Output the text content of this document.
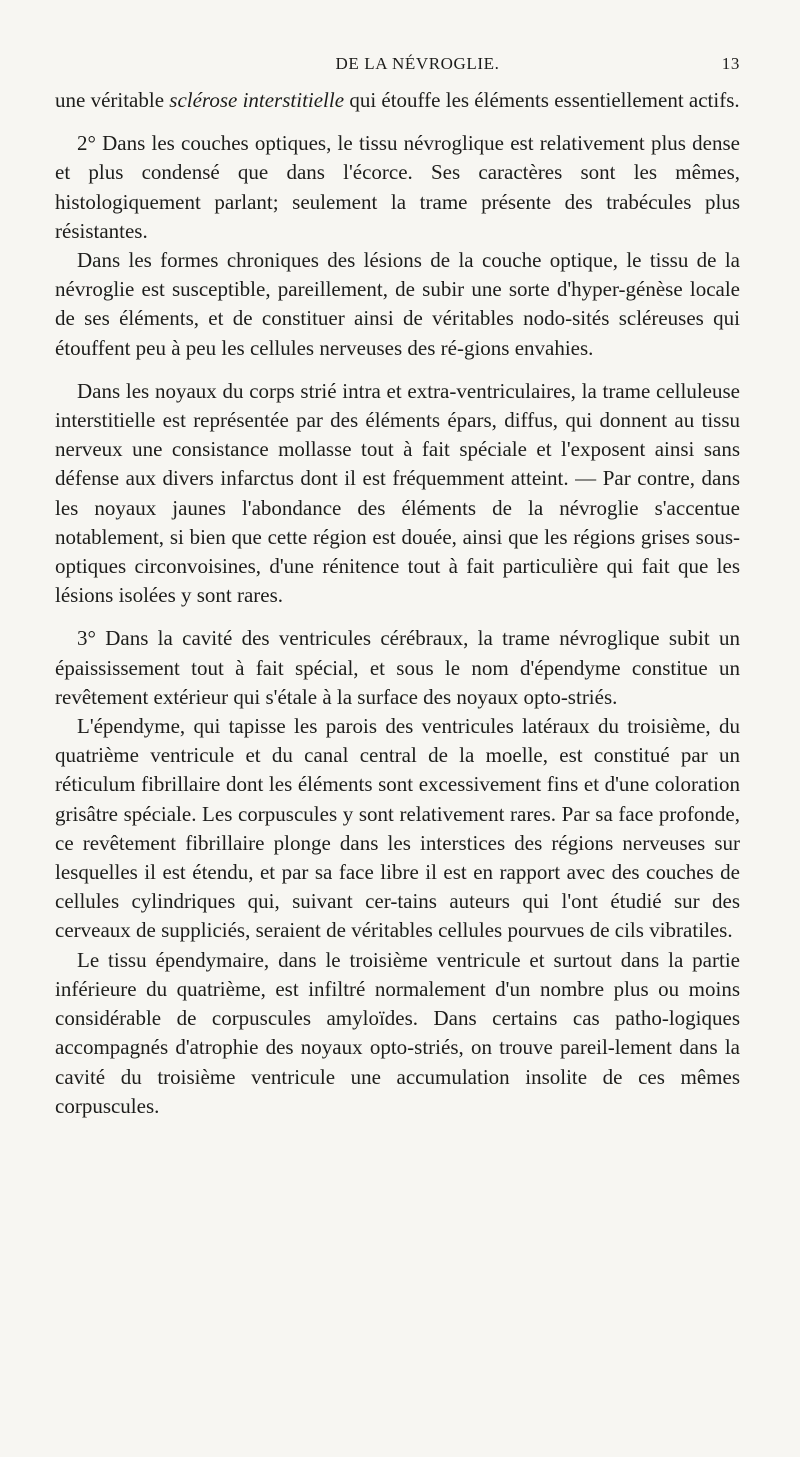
DE LA NÉVROGLIE.	13

une véritable sclérose interstitielle qui étouffe les éléments essentiellement actifs.

2° Dans les couches optiques, le tissu névroglique est relativement plus dense et plus condensé que dans l'écorce. Ses caractères sont les mêmes, histologiquement parlant; seulement la trame présente des trabécules plus résistantes.

Dans les formes chroniques des lésions de la couche optique, le tissu de la névroglie est susceptible, pareillement, de subir une sorte d'hyper-génèse locale de ses éléments, et de constituer ainsi de véritables nodo-sités scléreuses qui étouffent peu à peu les cellules nerveuses des ré-gions envahies.

Dans les noyaux du corps strié intra et extra-ventriculaires, la trame celluleuse interstitielle est représentée par des éléments épars, diffus, qui donnent au tissu nerveux une consistance mollasse tout à fait spéciale et l'exposent ainsi sans défense aux divers infarctus dont il est fréquemment atteint. — Par contre, dans les noyaux jaunes l'abondance des éléments de la névroglie s'accentue notablement, si bien que cette région est douée, ainsi que les régions grises sous-optiques circonvoisines, d'une rénitence tout à fait particulière qui fait que les lésions isolées y sont rares.

3° Dans la cavité des ventricules cérébraux, la trame névroglique subit un épaississement tout à fait spécial, et sous le nom d'épendyme constitue un revêtement extérieur qui s'étale à la surface des noyaux opto-striés.

L'épendyme, qui tapisse les parois des ventricules latéraux du troisième, du quatrième ventricule et du canal central de la moelle, est constitué par un réticulum fibrillaire dont les éléments sont excessivement fins et d'une coloration grisâtre spéciale. Les corpuscules y sont relativement rares. Par sa face profonde, ce revêtement fibrillaire plonge dans les interstices des régions nerveuses sur lesquelles il est étendu, et par sa face libre il est en rapport avec des couches de cellules cylindriques qui, suivant cer-tains auteurs qui l'ont étudié sur des cerveaux de suppliciés, seraient de véritables cellules pourvues de cils vibratiles.

Le tissu épendymaire, dans le troisième ventricule et surtout dans la partie inférieure du quatrième, est infiltré normalement d'un nombre plus ou moins considérable de corpuscules amyloïdes. Dans certains cas patho-logiques accompagnés d'atrophie des noyaux opto-striés, on trouve pareil-lement dans la cavité du troisième ventricule une accumulation insolite de ces mêmes corpuscules.
